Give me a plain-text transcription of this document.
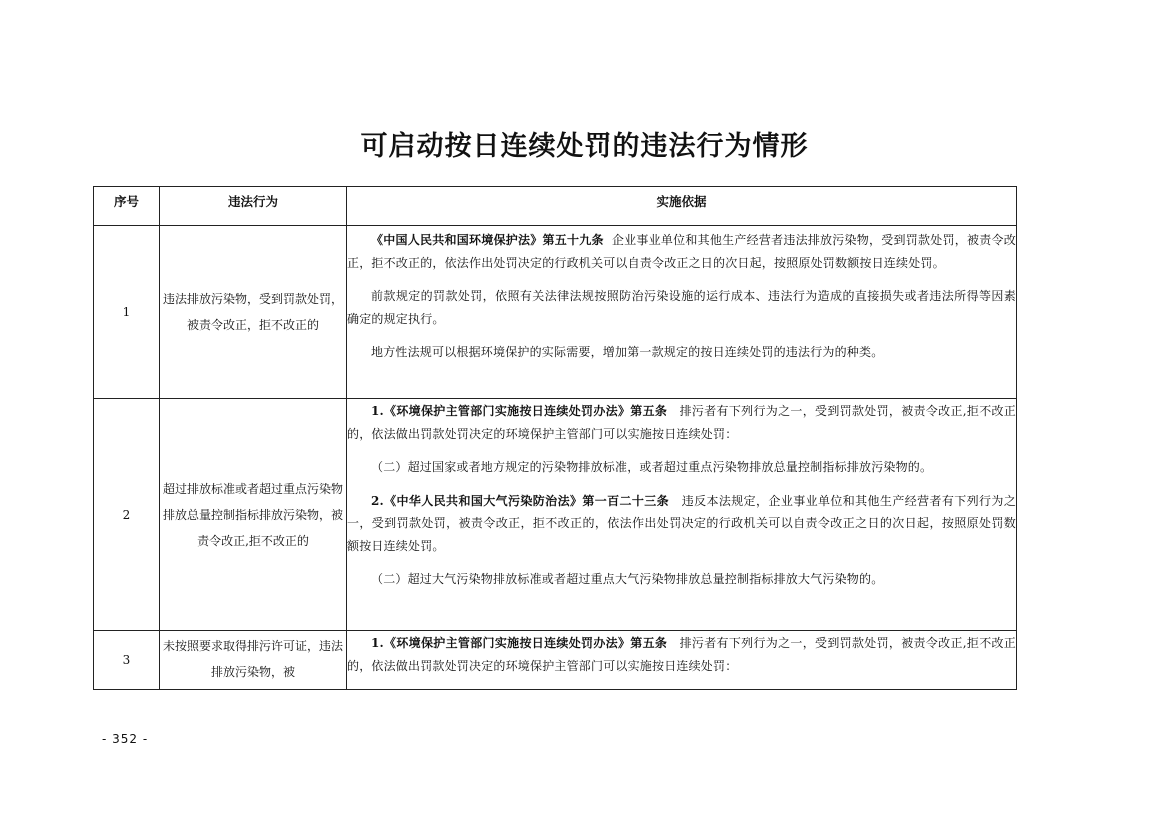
可启动按日连续处罚的违法行为情形
序号	违法行为	实施依据
1	违法排放污染物，受到罚款处罚，被责令改正，拒不改正的	《中国人民共和国环境保护法》第五十九条 企业事业单位和其他生产经营者违法排放污染物，受到罚款处罚，被责令改正，拒不改正的，依法作出处罚决定的行政机关可以自责令改正之日的次日起，按照原处罚数额按日连续处罚。

前款规定的罚款处罚，依照有关法律法规按照防治污染设施的运行成本、违法行为造成的直接损失或者违法所得等因素确定的规定执行。

地方性法规可以根据环境保护的实际需要，增加第一款规定的按日连续处罚的违法行为的种类。

2	超过排放标准或者超过重点污染物排放总量控制指标排放污染物，被责令改正,拒不改正的	1.《环境保护主管部门实施按日连续处罚办法》第五条 排污者有下列行为之一，受到罚款处罚，被责令改正,拒不改正的，依法做出罚款处罚决定的环境保护主管部门可以实施按日连续处罚：

（二）超过国家或者地方规定的污染物排放标准，或者超过重点污染物排放总量控制指标排放污染物的。

2.《中华人民共和国大气污染防治法》第一百二十三条 违反本法规定，企业事业单位和其他生产经营者有下列行为之一，受到罚款处罚，被责令改正，拒不改正的，依法作出处罚决定的行政机关可以自责令改正之日的次日起，按照原处罚数额按日连续处罚。

（二）超过大气污染物排放标准或者超过重点大气污染物排放总量控制指标排放大气污染物的。

3	未按照要求取得排污许可证，违法排放污染物，被	1.《环境保护主管部门实施按日连续处罚办法》第五条 排污者有下列行为之一，受到罚款处罚，被责令改正,拒不改正的，依法做出罚款处罚决定的环境保护主管部门可以实施按日连续处罚：

- 352 -
